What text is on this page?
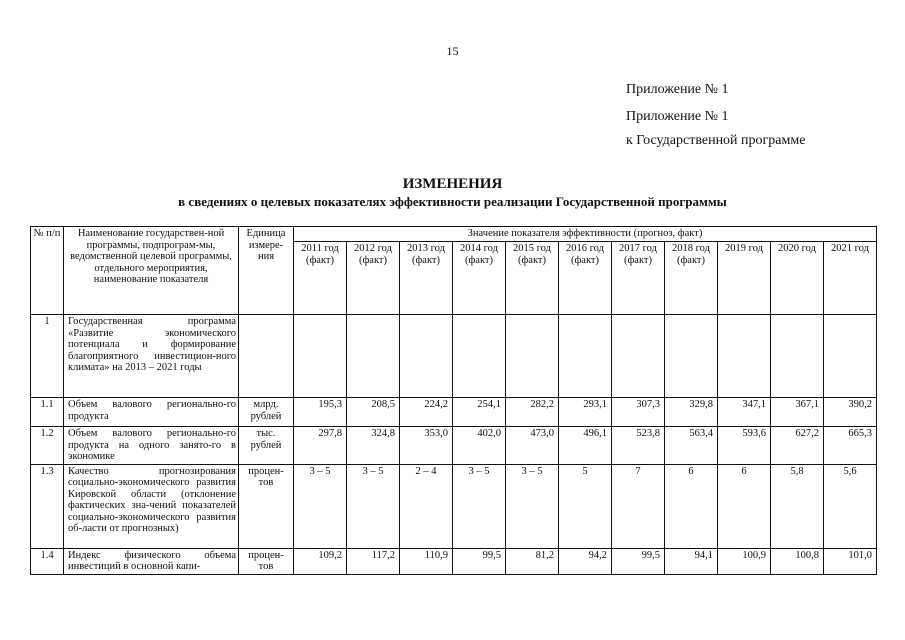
15
Приложение № 1
Приложение № 1
к Государственной программе
ИЗМЕНЕНИЯ
в сведениях о целевых показателях эффективности реализации Государственной программы
№ п/п	Наименование государствен-ной программы, подпрограм-мы, ведомственной целевой программы, отдельного мероприятия, наименование показателя	Единица измере-ния	Значение показателя эффективности (прогноз, факт)										
			2011 год (факт)	2012 год (факт)	2013 год (факт)	2014 год (факт)	2015 год (факт)	2016 год (факт)	2017 год (факт)	2018 год (факт)	2019 год	2020 год	2021 год
1	Государственная программа «Развитие экономического потенциала и формирование благоприятного инвестицион-ного климата» на 2013 – 2021 годы												
1.1	Объем валового регионально-го продукта	млрд. рублей	195,3	208,5	224,2	254,1	282,2	293,1	307,3	329,8	347,1	367,1	390,2
1.2	Объем валового регионально-го продукта на одного занято-го в экономике	тыс. рублей	297,8	324,8	353,0	402,0	473,0	496,1	523,8	563,4	593,6	627,2	665,3
1.3	Качество прогнозирования социально-экономического развития Кировской области (отклонение фактических зна-чений показателей социально-экономического развития об-ласти от прогнозных)	процен-тов	3 – 5	3 – 5	2 – 4	3 – 5	3 – 5	5	7	6	6	5,8	5,6
1.4	Индекс физического объема инвестиций в основной капи-	процен-тов	109,2	117,2	110,9	99,5	81,2	94,2	99,5	94,1	100,9	100,8	101,0
